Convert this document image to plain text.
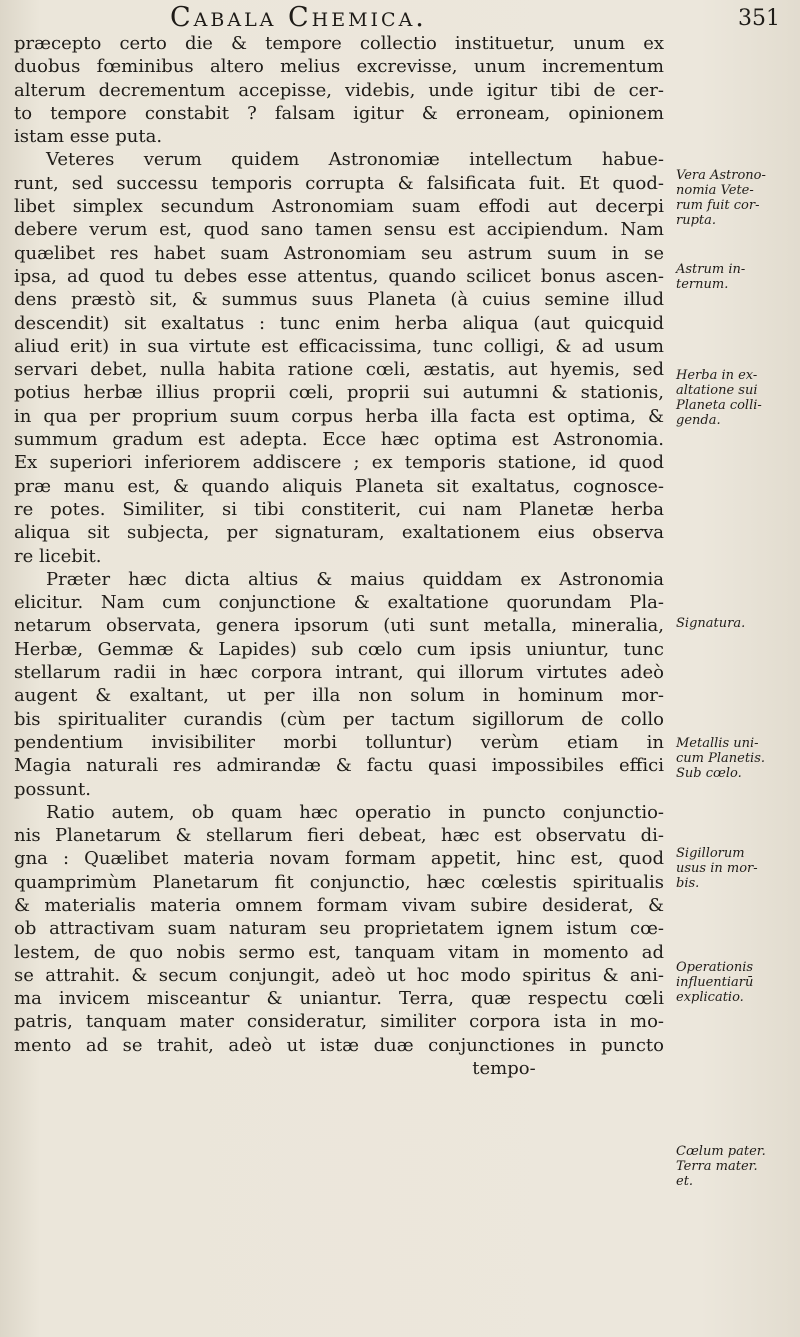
Cabala Chemica.	351
præcepto certo die & tempore collectio instituetur, unum ex
duobus fœminibus altero melius excrevisse, unum incrementum
alterum decrementum accepisse, videbis, unde igitur tibi de cer-
to tempore constabit ? falsam igitur & erroneam, opinionem
istam esse puta.
Veteres verum quidem Astronomiæ intellectum habue-
runt, sed successu temporis corrupta & falsificata fuit. Et quod-
libet simplex secundum Astronomiam suam effodi aut decerpi
debere verum est, quod sano tamen sensu est accipiendum. Nam
quælibet res habet suam Astronomiam seu astrum suum in se
ipsa, ad quod tu debes esse attentus, quando scilicet bonus ascen-
dens præstò sit, & summus suus Planeta (à cuius semine illud
descendit) sit exaltatus : tunc enim herba aliqua (aut quicquid
aliud erit) in sua virtute est efficacissima, tunc colligi, & ad usum
servari debet, nulla habita ratione cœli, æstatis, aut hyemis, sed
potius herbæ illius proprii cœli, proprii sui autumni & stationis,
in qua per proprium suum corpus herba illa facta est optima, &
summum gradum est adepta. Ecce hæc optima est Astronomia.
Ex superiori inferiorem addiscere ; ex temporis statione, id quod
præ manu est, & quando aliquis Planeta sit exaltatus, cognosce-
re potes. Similiter, si tibi constiterit, cui nam Planetæ herba
aliqua sit subjecta, per signaturam, exaltationem eius observa
re licebit.
Præter hæc dicta altius & maius quiddam ex Astronomia
elicitur. Nam cum conjunctione & exaltatione quorundam Pla-
netarum observata, genera ipsorum (uti sunt metalla, mineralia,
Herbæ, Gemmæ & Lapides) sub cœlo cum ipsis uniuntur, tunc
stellarum radii in hæc corpora intrant, qui illorum virtutes adeò
augent & exaltant, ut per illa non solum in hominum mor-
bis spiritualiter curandis (cùm per tactum sigillorum de collo
pendentium invisibiliter morbi tolluntur) verùm etiam in
Magia naturali res admirandæ & factu quasi impossibiles effici
possunt.
Ratio autem, ob quam hæc operatio in puncto conjunctio-
nis Planetarum & stellarum fieri debeat, hæc est observatu di-
gna : Quælibet materia novam formam appetit, hinc est, quod
quamprimùm Planetarum fit conjunctio, hæc cœlestis spiritualis
& materialis materia omnem formam vivam subire desiderat, &
ob attractivam suam naturam seu proprietatem ignem istum cœ-
lestem, de quo nobis sermo est, tanquam vitam in momento ad
se attrahit. & secum conjungit, adeò ut hoc modo spiritus & ani-
ma invicem misceantur & uniantur. Terra, quæ respectu cœli
patris, tanquam mater consideratur, similiter corpora ista in mo-
mento ad se trahit, adeò ut istæ duæ conjunctiones in puncto
tempo-
Vera Astrono-
nomia Vete-
rum fuit cor-
rupta.
Astrum in-
ternum.
Herba in ex-
altatione sui
Planeta colli-
genda.
Signatura.
Metallis uni-
cum Planetis.
Sub cœlo.
Sigillorum
usus in mor-
bis.
Operationis
influentiarū
explicatio.
Cœlum pater.
Terra mater.
et.
